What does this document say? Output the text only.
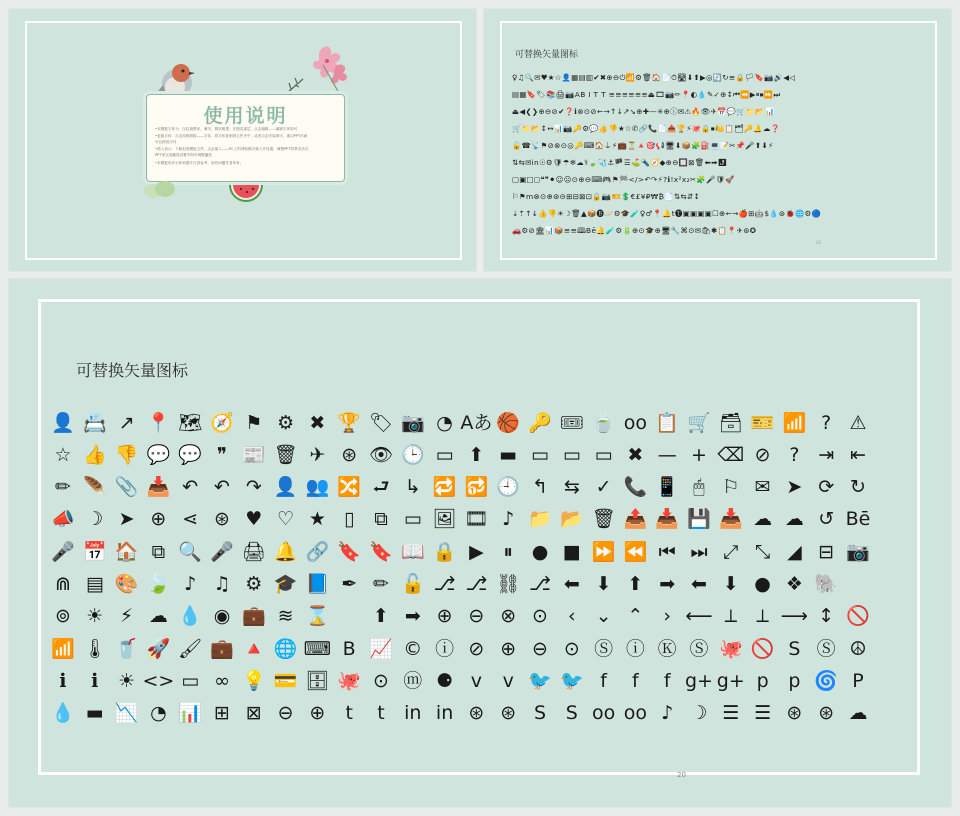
使用说明
•本模板字体为：汉仪旗黑体，兼书，微软雅黑，在图页素层，点击编辑——编辑字体即可
•更换字体：点击控制面板——字体，将字体复制到文件夹中，或者点击安装即可，重启PPT后就
可以使用字体
•插入表示：下载封面模板文件，点击插入——PC上的剪贴模可插入并设置，调整PPT背景音乐在
PPT里完成播放设置中即可调整播放
•本模板所有字体和图片仅供参考，如有问题作者所有。
可替换矢量图标
♀♫🔍✉♥★☆👤▦▤▥✔✖⊕⊖⏻📶⚙🗑🏠📄⏱🛣⬇⬆▶◎🔄↻≡🔒🏳🔖📷🔊◀◁
▤▦🔖🏷📚🖨📷AB I T T ≡≡≡≡≡≡⏏🎞📷✏📍◐💧✎✓⊕↕⏮⏪▶⏸⏹⏩⏭
⏏◀❮❯⊕⊖⊘✔❓ℹ⊗⊙⊘←→↑↓↗↘⊕✚—✳⊕ⓘ✉⚠🔥👁✈📅💬🛒📁📂📊
🛒📁📂↕↔📊📷🔑⚙💬👍👎★☆✆🔗📞📄📤🏆⚡🐙🔒⏹🍋📋🗂🔑🔔☁❓
🔓☎📡⚑⊘⊗⊙◎🔑⌨🏠⏚⚡💼⏳🔺🎯📢🖥⬇📦🧩⛽💻📝✂📌🎤⬆⬇⚡
⇅⇆✉in☉⚙🛡☂❄☁⚕🍃🩺⚓🏴☰⛳🔦🧭◆⊕⊖🔲⊠🗑⬅➡⤴
▢▣□◻❝❞⚫☺☹⊙⊕⊖⌨🎮⚑🏁</>↶↷⚡?ℹ!x²x₂✂🧩🎤🛡🚀
⚐⚑m⊗⊙⊕⊛⊝⊞⊟⊠⊡🔒📷🎫💲€£¥₽₩₿📄⇅⇆⇵↕
⇣⇡↑↓👍👎☀☽🗑▲📦🅑🪐⚙🎓🧪♀♂📍🔔t🅣▣▣▣▣☐⊕←→🍎⊞🤖$💧⊛🐞🌐⚙🔵
🚗⚙⊘🏛📊📦≡≡🕮Bē🔔🧪⚙🔋⊕⊙🎓⊕🖥🔧⌘⊙✉🛍✱📋📍✈⊛✪
20
可替换矢量图标
👤 📇 ↗ 📍 🗺 🧭 ⚑ ⚙ ✖ 🏆 🏷 📷 ◔ Aあ 🏀 🔑 🎟 🍵 oo 📋 🛒 🗃 🎫 📶 ? ⚠
☆ 👍 👎 💬 💬 ❞ 📰 🗑 ✈ ⊛ 👁 🕒 ▭ ⬆ ▬ ▭ ▭ ▭ ✖ — + ⌫ ⊘ ? ⇥ ⇤
✏ 🪶 📎 📥 ↶ ↶ ↷ 👤 👥 🔀 ⮐ ↳ 🔁 🔂 🕘 ↰ ⇆ ✓ 📞 📱 🖱 ⚐ ✉ ➤ ⟳ ↻
📣 ☽ ➤ ⊕ ⋖ ⊛ ♥ ♡ ★ ▯	⧉ ▭ 🖼 🎞 ♪ 📁 📂 🗑 📤 📥 💾 📥 ☁ ☁ ↺ Bē
🎤 📅 🏠 ⧉ 🔍 🎤 🖨 🔔 🔗 🔖 🔖 📖 🔒 ▶	⏸ ● ■ ⏩ ⏪ ⏮ ⏭ ⤢ ⤡ ◢ ⊟ 📷
⋒ ▤ 🎨 🍃 ♪ ♫ ⚙ 🎓 📘 ✒ ✏ 🔓 ⎇ ⎇ ⛓ ⎇ ⬅ ⬇ ⬆ ➡ ⬅ ⬇ ● ❖ 🐘
⊚ ☀ ⚡ ☁ 💧 ◉ 💼 ≋ ⌛	⬆ ➡ ⊕ ⊖ ⊗ ⊙	‹	⌄ ⌃	› ⟵ ⟂	⟂ ⟶ ↕ 🚫
📶 🌡 🥤 🚀 🖌 💼 🔺 🌐 ⌨ B 📈 © ⓘ ⊘ ⊕ ⊖ ⊙ Ⓢ ⓘ Ⓚ Ⓢ 🐙 🚫 S Ⓢ ☮
ℹ	ℹ	☀ <> ▭ ∞ 💡 💳 🗄 🐙 ⊙ ⓜ ⚈ v	v 🐦 🐦 f	f	f g+ g+ p	p 🌀 P
💧 ▬ 📉 ◔ 📊 ⊞ ⊠ ⊖ ⊕	t	t	in in ⊛ ⊛ S	S oo oo ♪ ☽ ☰ ☰ ⊛ ⊛ ☁
20
